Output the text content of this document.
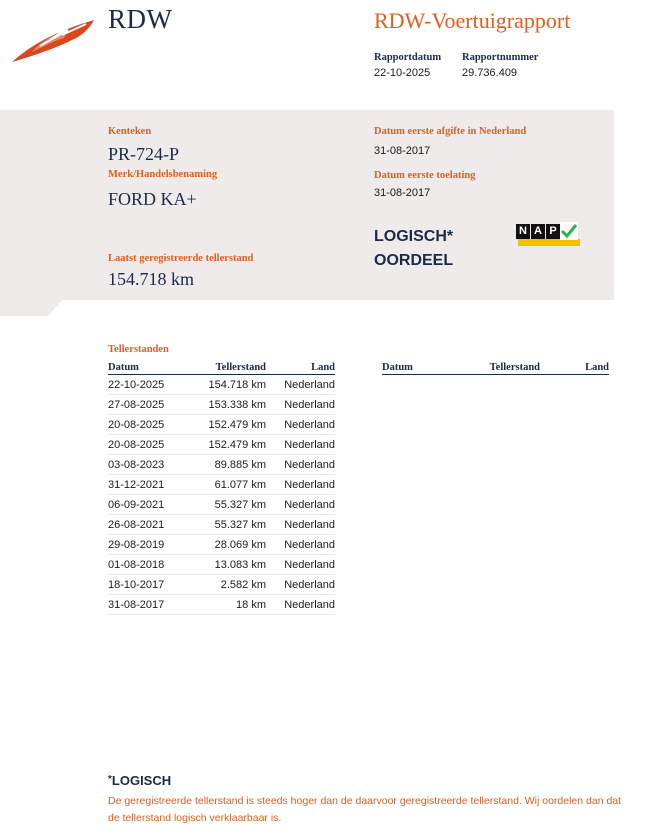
RDW	RDW-Voertuigrapport
Rapportdatum
22-10-2025
Rapportnummer
29.736.409
Kenteken
PR-724-P
Merk/Handelsbenaming
FORD KA+
Laatst geregistreerde tellerstand
154.718 km
Datum eerste afgifte in Nederland
31-08-2017
Datum eerste toelating
31-08-2017
LOGISCH*
OORDEEL
N A P
Tellerstanden
Datum	Tellerstand	Land
22-10-2025	154.718 km	Nederland
27-08-2025	153.338 km	Nederland
20-08-2025	152.479 km	Nederland
20-08-2025	152.479 km	Nederland
03-08-2023	89.885 km	Nederland
31-12-2021	61.077 km	Nederland
06-09-2021	55.327 km	Nederland
26-08-2021	55.327 km	Nederland
29-08-2019	28.069 km	Nederland
01-08-2018	13.083 km	Nederland
18-10-2017	2.582 km	Nederland
31-08-2017	18 km	Nederland
Datum	Tellerstand	Land
*LOGISCH
De geregistreerde tellerstand is steeds hoger dan de daarvoor geregistreerde tellerstand. Wij oordelen dan dat de tellerstand logisch verklaarbaar is.
